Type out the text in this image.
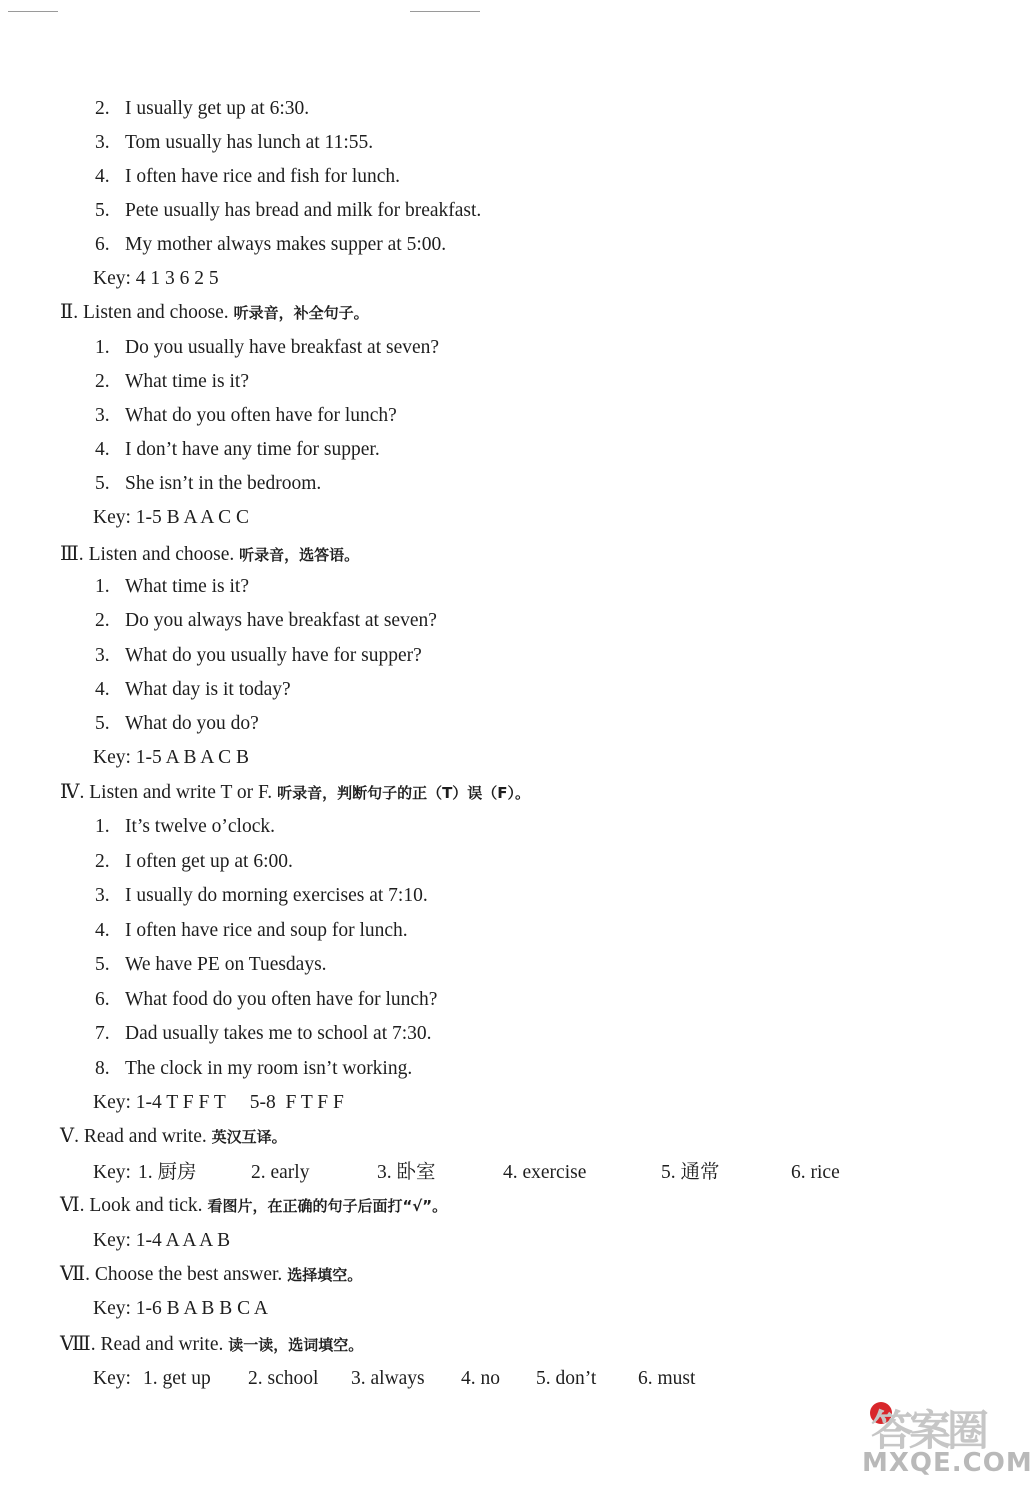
2. I usually get up at 6:30.
3. Tom usually has lunch at 11:55.
4. I often have rice and fish for lunch.
5. Pete usually has bread and milk for breakfast.
6. My mother always makes supper at 5:00.
Key: 4 1 3 6 2 5
Ⅱ. Listen and choose. 听录音，补全句子。
1. Do you usually have breakfast at seven?
2. What time is it?
3. What do you often have for lunch?
4. I don’t have any time for supper.
5. She isn’t in the bedroom.
Key: 1-5 B A A C C
Ⅲ. Listen and choose. 听录音，选答语。
1. What time is it?
2. Do you always have breakfast at seven?
3. What do you usually have for supper?
4. What day is it today?
5. What do you do?
Key: 1-5 A B A C B
Ⅳ. Listen and write T or F. 听录音，判断句子的正（T）误（F）。
1. It’s twelve o’clock.
2. I often get up at 6:00.
3. I usually do morning exercises at 7:10.
4. I often have rice and soup for lunch.
5. We have PE on Tuesdays.
6. What food do you often have for lunch?
7. Dad usually takes me to school at 7:30.
8. The clock in my room isn’t working.
Key: 1-4 T F F T     5-8  F T F F
Ⅴ. Read and write. 英汉互译。
Key: 1. 厨房	2. early	3. 卧室	4. exercise	5. 通常	6. rice
Ⅵ. Look and tick. 看图片，在正确的句子后面打“√”。
Key: 1-4 A A A B
Ⅶ. Choose the best answer. 选择填空。
Key: 1-6 B A B B C A
Ⅷ. Read and write. 读一读，选词填空。
Key: 1. get up 2. school 3. always 4. no 5. don’t 6. must
答案圈
MXQE.COM
